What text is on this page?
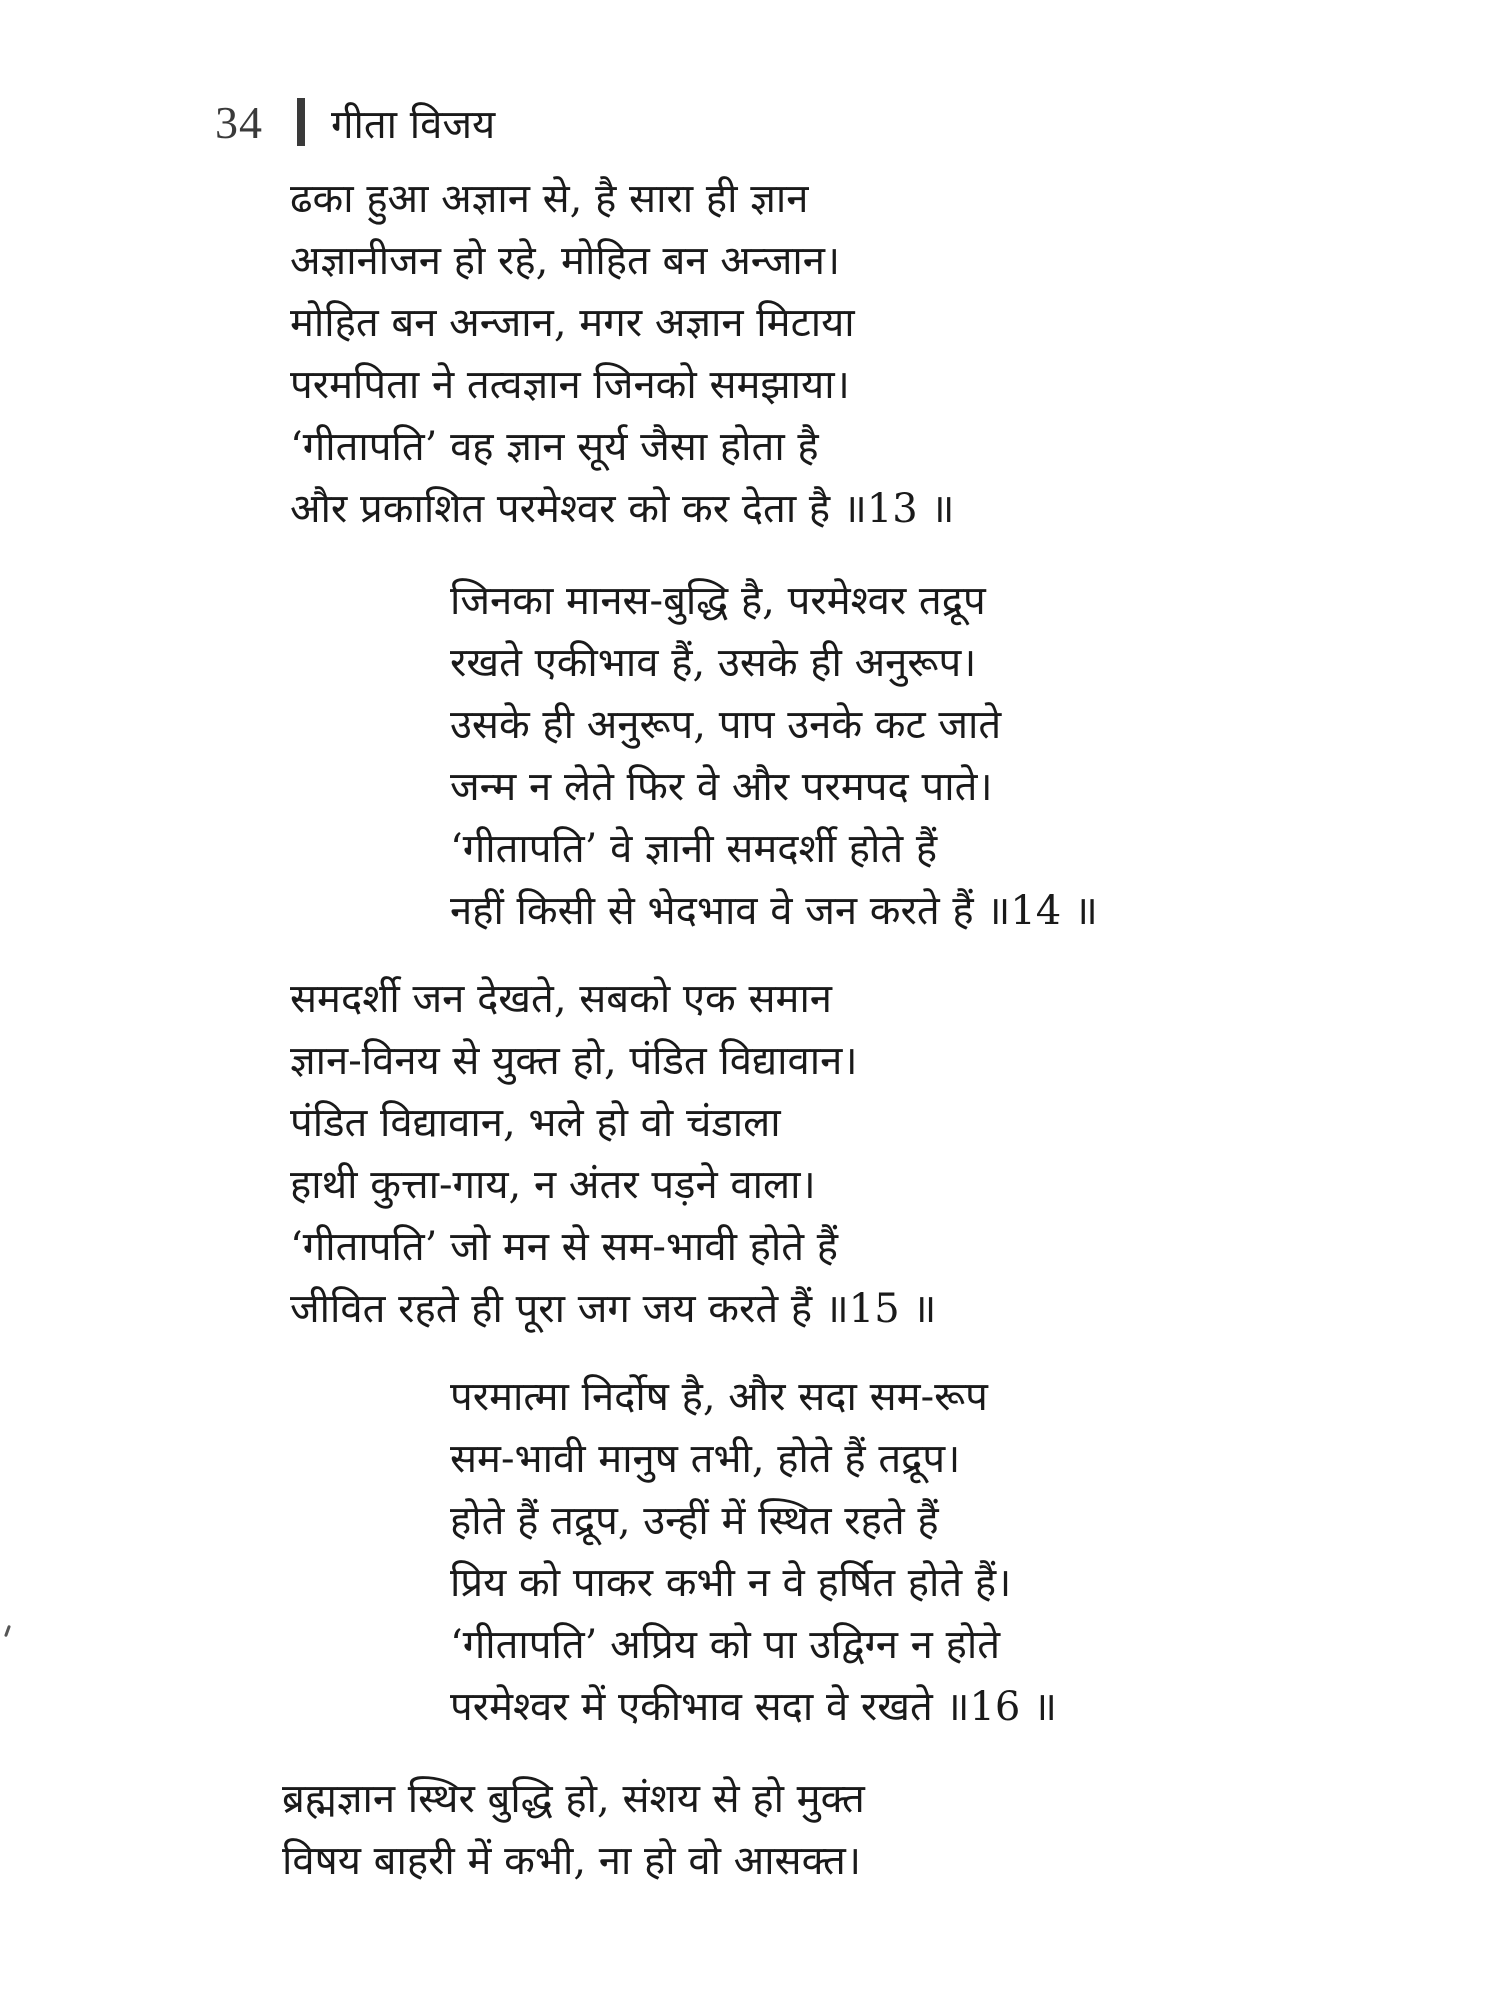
34 गीता विजय
ढका हुआ अज्ञान से, है सारा ही ज्ञान
अज्ञानीजन हो रहे, मोहित बन अन्जान।
मोहित बन अन्जान, मगर अज्ञान मिटाया
परमपिता ने तत्वज्ञान जिनको समझाया।
‘गीतापति’ वह ज्ञान सूर्य जैसा होता है
और प्रकाशित परमेश्वर को कर देता है ॥13 ॥
जिनका मानस-बुद्धि है, परमेश्वर तद्रूप
रखते एकीभाव हैं, उसके ही अनुरूप।
उसके ही अनुरूप, पाप उनके कट जाते
जन्म न लेते फिर वे और परमपद पाते।
‘गीतापति’ वे ज्ञानी समदर्शी होते हैं
नहीं किसी से भेदभाव वे जन करते हैं ॥14 ॥
समदर्शी जन देखते, सबको एक समान
ज्ञान-विनय से युक्त हो, पंडित विद्यावान।
पंडित विद्यावान, भले हो वो चंडाला
हाथी कुत्ता-गाय, न अंतर पड़ने वाला।
‘गीतापति’ जो मन से सम-भावी होते हैं
जीवित रहते ही पूरा जग जय करते हैं ॥15 ॥
परमात्मा निर्दोष है, और सदा सम-रूप
सम-भावी मानुष तभी, होते हैं तद्रूप।
होते हैं तद्रूप, उन्हीं में स्थित रहते हैं
प्रिय को पाकर कभी न वे हर्षित होते हैं।
‘गीतापति’ अप्रिय को पा उद्विग्न न होते
परमेश्वर में एकीभाव सदा वे रखते ॥16 ॥
ब्रह्मज्ञान स्थिर बुद्धि हो, संशय से हो मुक्त
विषय बाहरी में कभी, ना हो वो आसक्त।
